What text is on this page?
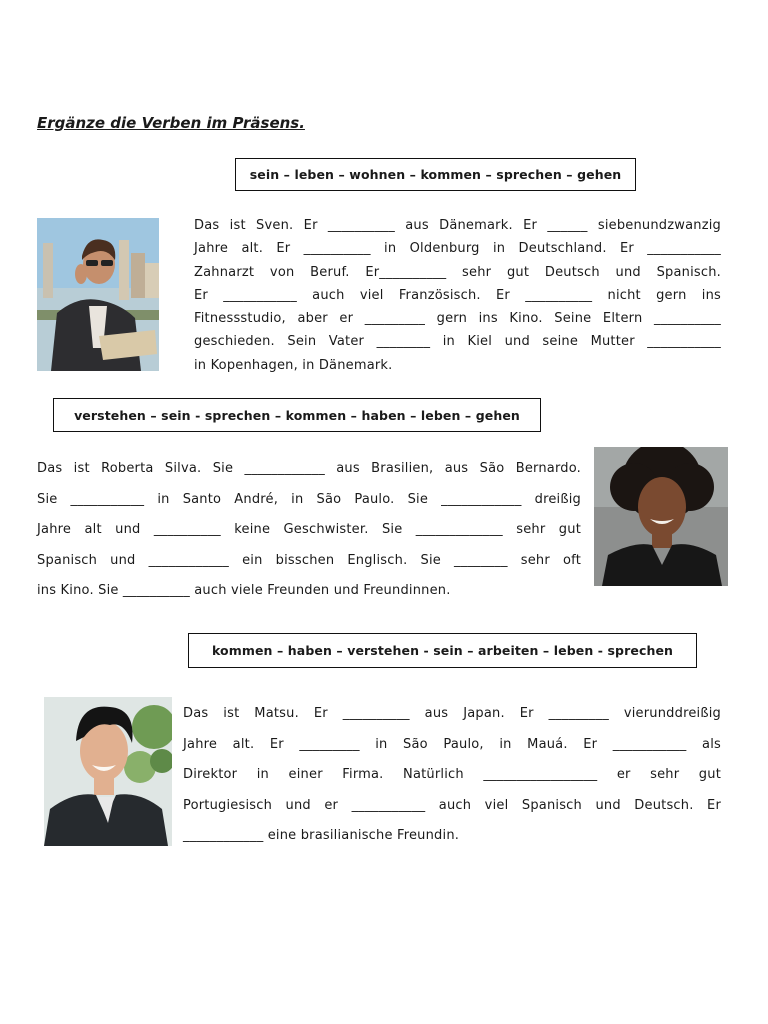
Ergänze die Verben im Präsens.
sein – leben – wohnen – kommen – sprechen – gehen
Das ist Sven. Er __________ aus Dänemark. Er ______ siebenundzwanzig
Jahre alt. Er __________ in Oldenburg in Deutschland. Er ___________
Zahnarzt von Beruf. Er__________ sehr gut Deutsch und Spanisch.
Er ___________ auch viel Französisch. Er __________ nicht gern ins
Fitnessstudio, aber er _________ gern ins Kino. Seine Eltern __________
geschieden. Sein Vater ________ in Kiel und seine Mutter ___________
in Kopenhagen, in Dänemark.
verstehen – sein - sprechen – kommen – haben – leben – gehen
Das ist Roberta Silva. Sie ____________ aus Brasilien, aus São Bernardo.
Sie ___________ in Santo André, in São Paulo. Sie ____________ dreißig
Jahre alt und __________ keine Geschwister. Sie _____________ sehr gut
Spanisch und ____________ ein bisschen Englisch. Sie ________ sehr oft
ins Kino. Sie __________ auch viele Freunden und Freundinnen.
kommen – haben – verstehen - sein – arbeiten – leben - sprechen
Das ist Matsu. Er __________ aus Japan. Er _________ vierunddreißig
Jahre alt. Er _________ in São Paulo, in Mauá. Er ___________ als
Direktor in einer Firma. Natürlich _________________ er sehr gut
Portugiesisch und er ___________ auch viel Spanisch und Deutsch. Er
____________ eine brasilianische Freundin.
